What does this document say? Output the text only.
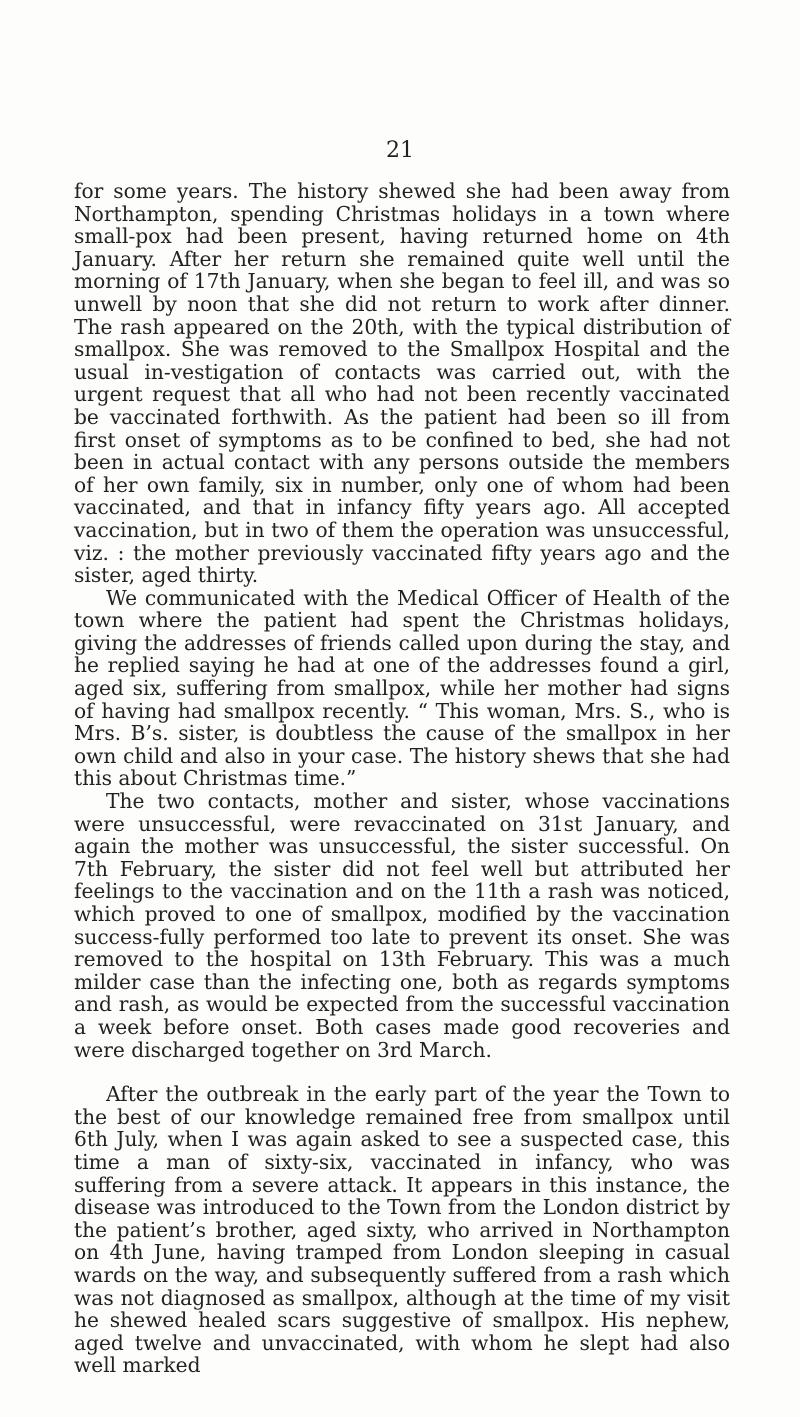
21

for some years. The history shewed she had been away from Northampton, spending Christmas holidays in a town where small-pox had been present, having returned home on 4th January. After her return she remained quite well until the morning of 17th January, when she began to feel ill, and was so unwell by noon that she did not return to work after dinner. The rash appeared on the 20th, with the typical distribution of smallpox. She was removed to the Smallpox Hospital and the usual in-vestigation of contacts was carried out, with the urgent request that all who had not been recently vaccinated be vaccinated forthwith. As the patient had been so ill from first onset of symptoms as to be confined to bed, she had not been in actual contact with any persons outside the members of her own family, six in number, only one of whom had been vaccinated, and that in infancy fifty years ago. All accepted vaccination, but in two of them the operation was unsuccessful, viz. : the mother previously vaccinated fifty years ago and the sister, aged thirty.

We communicated with the Medical Officer of Health of the town where the patient had spent the Christmas holidays, giving the addresses of friends called upon during the stay, and he replied saying he had at one of the addresses found a girl, aged six, suffering from smallpox, while her mother had signs of having had smallpox recently. “ This woman, Mrs. S., who is Mrs. B’s. sister, is doubtless the cause of the smallpox in her own child and also in your case. The history shews that she had this about Christmas time.”

The two contacts, mother and sister, whose vaccinations were unsuccessful, were revaccinated on 31st January, and again the mother was unsuccessful, the sister successful. On 7th February, the sister did not feel well but attributed her feelings to the vaccination and on the 11th a rash was noticed, which proved to one of smallpox, modified by the vaccination success-fully performed too late to prevent its onset. She was removed to the hospital on 13th February. This was a much milder case than the infecting one, both as regards symptoms and rash, as would be expected from the successful vaccination a week before onset. Both cases made good recoveries and were discharged together on 3rd March.

After the outbreak in the early part of the year the Town to the best of our knowledge remained free from smallpox until 6th July, when I was again asked to see a suspected case, this time a man of sixty-six, vaccinated in infancy, who was suffering from a severe attack. It appears in this instance, the disease was introduced to the Town from the London district by the patient’s brother, aged sixty, who arrived in Northampton on 4th June, having tramped from London sleeping in casual wards on the way, and subsequently suffered from a rash which was not diagnosed as smallpox, although at the time of my visit he shewed healed scars suggestive of smallpox. His nephew, aged twelve and unvaccinated, with whom he slept had also well marked
